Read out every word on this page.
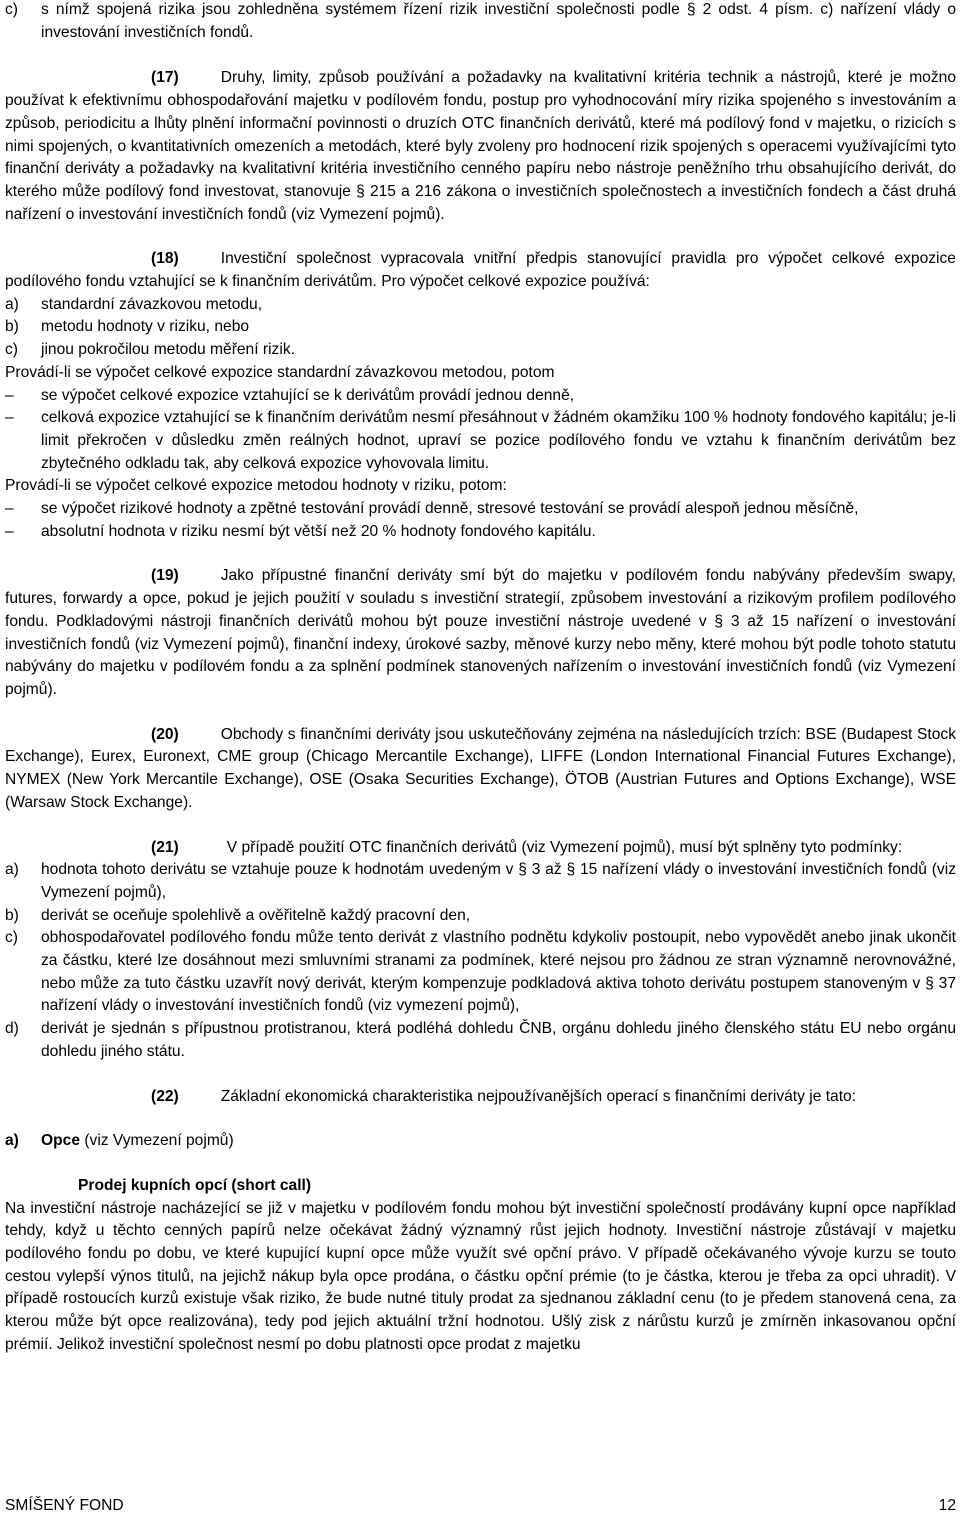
c)	s nímž spojená rizika jsou zohledněna systémem řízení rizik investiční společnosti podle § 2 odst. 4 písm. c) nařízení vlády o investování investičních fondů.

(17)	Druhy, limity, způsob používání a požadavky na kvalitativní kritéria technik a nástrojů, které je možno používat k efektivnímu obhospodařování majetku v podílovém fondu, postup pro vyhodnocování míry rizika spojeného s investováním a způsob, periodicitu a lhůty plnění informační povinnosti o druzích OTC finančních derivátů, které má podílový fond v majetku, o rizicích s nimi spojených, o kvantitativních omezeních a metodách, které byly zvoleny pro hodnocení rizik spojených s operacemi využívajícími tyto finanční deriváty a požadavky na kvalitativní kritéria investičního cenného papíru nebo nástroje peněžního trhu obsahujícího derivát, do kterého může podílový fond investovat, stanovuje § 215 a 216 zákona o investičních společnostech a investičních fondech a část druhá nařízení o investování investičních fondů (viz Vymezení pojmů).

(18)	Investiční společnost vypracovala vnitřní předpis stanovující pravidla pro výpočet celkové expozice podílového fondu vztahující se k finančním derivátům. Pro výpočet celkové expozice používá:

a)	standardní závazkovou metodu,
b)	metodu hodnoty v riziku, nebo
c)	jinou pokročilou metodu měření rizik.

Provádí-li se výpočet celkové expozice standardní závazkovou metodou, potom

–	se výpočet celkové expozice vztahující se k derivátům provádí jednou denně,
–	celková expozice vztahující se k finančním derivátům nesmí přesáhnout v žádném okamžiku 100 % hodnoty fondového kapitálu; je-li limit překročen v důsledku změn reálných hodnot, upraví se pozice podílového fondu ve vztahu k finančním derivátům bez zbytečného odkladu tak, aby celková expozice vyhovovala limitu.

Provádí-li se výpočet celkové expozice metodou hodnoty v riziku, potom:

–	se výpočet rizikové hodnoty a zpětné testování provádí denně, stresové testování se provádí alespoň jednou měsíčně,
–	absolutní hodnota v riziku nesmí být větší než 20 % hodnoty fondového kapitálu.

(19)	Jako přípustné finanční deriváty smí být do majetku v podílovém fondu nabývány především swapy, futures, forwardy a opce, pokud je jejich použití v souladu s investiční strategií, způsobem investování a rizikovým profilem podílového fondu. Podkladovými nástroji finančních derivátů mohou být pouze investiční nástroje uvedené v § 3 až 15 nařízení o investování investičních fondů (viz Vymezení pojmů), finanční indexy, úrokové sazby, měnové kurzy nebo měny, které mohou být podle tohoto statutu nabývány do majetku v podílovém fondu a za splnění podmínek stanovených nařízením o investování investičních fondů (viz Vymezení pojmů).

(20)	Obchody s finančními deriváty jsou uskutečňovány zejména na následujících trzích: BSE (Budapest Stock Exchange), Eurex, Euronext, CME group (Chicago Mercantile Exchange), LIFFE (London International Financial Futures Exchange), NYMEX (New York Mercantile Exchange), OSE (Osaka Securities Exchange), ÖTOB (Austrian Futures and Options Exchange), WSE (Warsaw Stock Exchange).

(21)	V případě použití OTC finančních derivátů (viz Vymezení pojmů), musí být splněny tyto podmínky:

a)	hodnota tohoto derivátu se vztahuje pouze k hodnotám uvedeným v § 3 až § 15 nařízení vlády o investování investičních fondů (viz Vymezení pojmů),
b)	derivát se oceňuje spolehlivě a ověřitelně každý pracovní den,
c)	obhospodařovatel podílového fondu může tento derivát z vlastního podnětu kdykoliv postoupit, nebo vypovědět anebo jinak ukončit za částku, které lze dosáhnout mezi smluvními stranami za podmínek, které nejsou pro žádnou ze stran významně nerovnovážné, nebo může za tuto částku uzavřít nový derivát, kterým kompenzuje podkladová aktiva tohoto derivátu postupem stanoveným v § 37 nařízení vlády o investování investičních fondů (viz vymezení pojmů),
d)	derivát je sjednán s přípustnou protistranou, která podléhá dohledu ČNB, orgánu dohledu jiného členského státu EU nebo orgánu dohledu jiného státu.

(22)	Základní ekonomická charakteristika nejpoužívanějších operací s finančními deriváty je tato:

a)	Opce (viz Vymezení pojmů)

Prodej kupních opcí (short call)

Na investiční nástroje nacházející se již v majetku v podílovém fondu mohou být investiční společností prodávány kupní opce například tehdy, když u těchto cenných papírů nelze očekávat žádný významný růst jejich hodnoty. Investiční nástroje zůstávají v majetku podílového fondu po dobu, ve které kupující kupní opce může využít své opční právo. V případě očekávaného vývoje kurzu se touto cestou vylepší výnos titulů, na jejichž nákup byla opce prodána, o částku opční prémie (to je částka, kterou je třeba za opci uhradit). V případě rostoucích kurzů existuje však riziko, že bude nutné tituly prodat za sjednanou základní cenu (to je předem stanovená cena, za kterou může být opce realizována), tedy pod jejich aktuální tržní hodnotou. Ušlý zisk z nárůstu kurzů je zmírněn inkasovanou opční prémií. Jelikož investiční společnost nesmí po dobu platnosti opce prodat z majetku

SMÍŠENÝ FOND	12
